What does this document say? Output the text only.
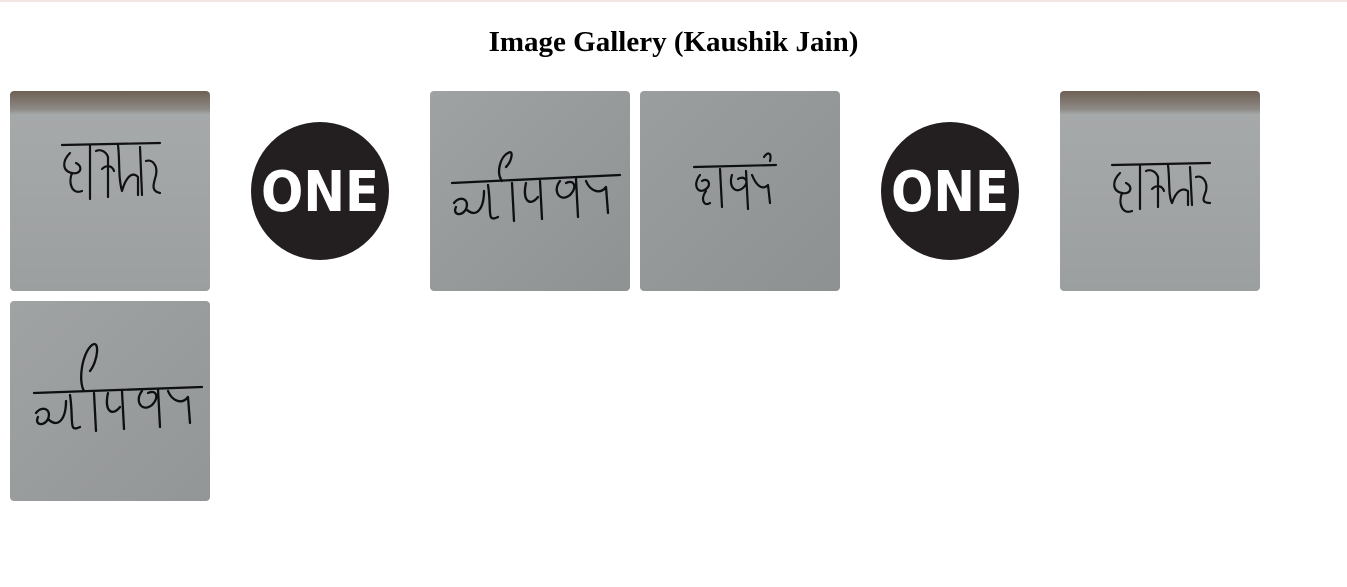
Image Gallery (Kaushik Jain)
ONE	ONE
